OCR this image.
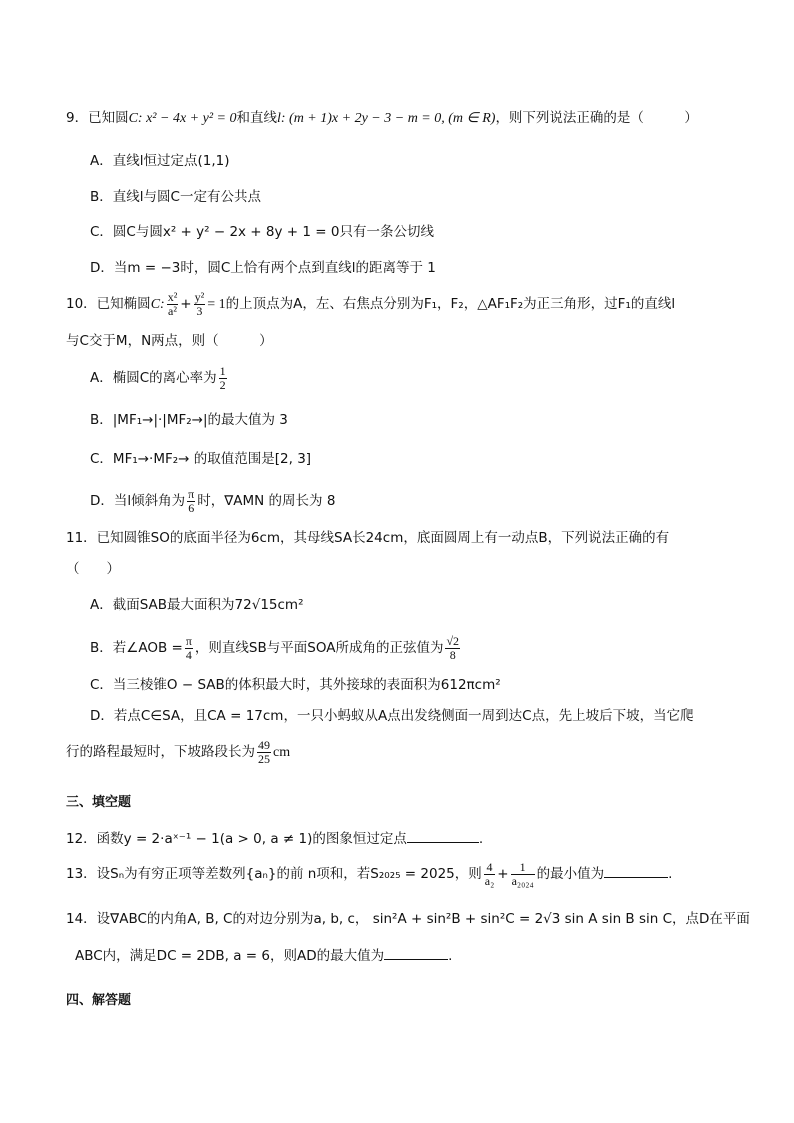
9．已知圆C: x² − 4x + y² = 0和直线l: (m + 1)x + 2y − 3 − m = 0, (m ∈ R)，则下列说法正确的是（　　　）
A．直线l恒过定点(1,1)
B．直线l与圆C一定有公共点
C．圆C与圆x² + y² − 2x + 8y + 1 = 0只有一条公切线
D．当m = −3时，圆C上恰有两个点到直线l的距离等于 1
10．已知椭圆C: $\frac{\text{x²}}{\text{a²}} + \frac{\text{y²}}{3} = 1$的上顶点为A，左、右焦点分别为F₁，F₂，△AF₁F₂为正三角形，过F₁的直线l
与C交于M，N两点，则（　　　）
A．椭圆C的离心率为 $\frac{1}{2}$
B．|MF₁→|·|MF₂→|的最大值为 3
C．MF₁→·MF₂→ 的取值范围是[2, 3]
D．当l倾斜角为 $\frac{\pi}{6}$ 时，∇AMN 的周长为 8
11．已知圆锥SO的底面半径为6cm，其母线SA长24cm，底面圆周上有一动点B，下列说法正确的有
（　　）
A．截面SAB最大面积为72√15cm²
B．若∠AOB = $\frac{\pi}{4}$ ，则直线SB与平面SOA所成角的正弦值为 $\frac{√2}{8}$
C．当三棱锥O − SAB的体积最大时，其外接球的表面积为612πcm²
D．若点C∈SA，且CA = 17cm，一只小蚂蚁从A点出发绕侧面一周到达C点，先上坡后下坡，当它爬
行的路程最短时，下坡路段长为 $\frac{49}{25}$ cm
三、填空题
12．函数y = 2·aˣ⁻¹ − 1(a > 0, a ≠ 1)的图象恒过定点	.
13．设Sₙ为有穷正项等差数列{aₙ}的前 n项和，若S₂₀₂₅ = 2025，则 $\frac{4}{\text{a₂}} + \frac{1}{\text{a₂₀₂₄}}$ 的最小值为	.
14．设∇ABC的内角A, B, C的对边分别为a, b, c， sin²A + sin²B + sin²C = 2√3 sin A sin B sin C，点D在平面
ABC内，满足DC = 2DB, a = 6，则AD的最大值为	.
四、解答题
